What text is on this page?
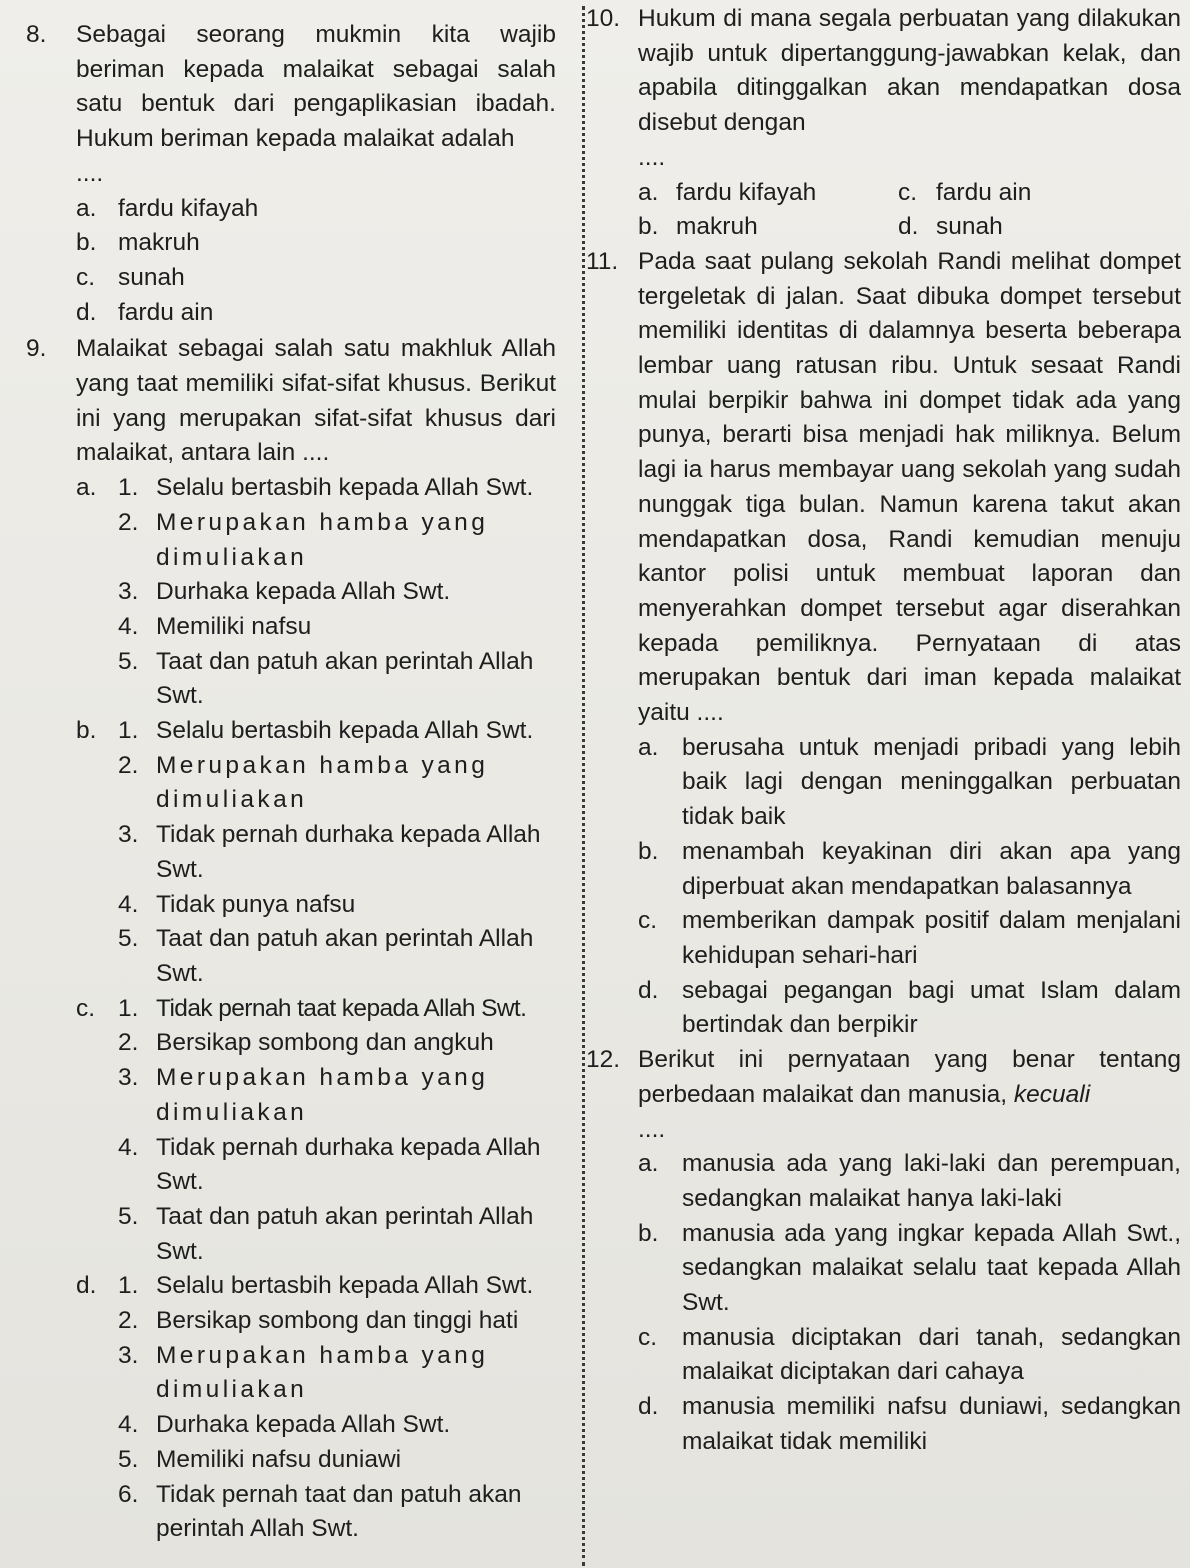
8. Sebagai seorang mukmin kita wajib beriman kepada malaikat sebagai salah satu bentuk dari pengaplikasian ibadah. Hukum beriman kepada malaikat adalah
....
a. fardu kifayah
b. makruh
c. sunah
d. fardu ain
9. Malaikat sebagai salah satu makhluk Allah yang taat memiliki sifat-sifat khusus. Berikut ini yang merupakan sifat-sifat khusus dari malaikat, antara lain ....
a. 1. Selalu bertasbih kepada Allah Swt.
2. Merupakan hamba yang dimuliakan
3. Durhaka kepada Allah Swt.
4. Memiliki nafsu
5. Taat dan patuh akan perintah Allah Swt.
b. 1. Selalu bertasbih kepada Allah Swt.
2. Merupakan hamba yang dimuliakan
3. Tidak pernah durhaka kepada Allah Swt.
4. Tidak punya nafsu
5. Taat dan patuh akan perintah Allah Swt.
c. 1. Tidak pernah taat kepada Allah Swt.
2. Bersikap sombong dan angkuh
3. Merupakan hamba yang dimuliakan
4. Tidak pernah durhaka kepada Allah Swt.
5. Taat dan patuh akan perintah Allah Swt.
d. 1. Selalu bertasbih kepada Allah Swt.
2. Bersikap sombong dan tinggi hati
3. Merupakan hamba yang dimuliakan
4. Durhaka kepada Allah Swt.
5. Memiliki nafsu duniawi
6. Tidak pernah taat dan patuh akan perintah Allah Swt.
10. Hukum di mana segala perbuatan yang dilakukan wajib untuk dipertanggung-jawabkan kelak, dan apabila ditinggalkan akan mendapatkan dosa disebut dengan
....
a. fardu kifayah	c. fardu ain
b. makruh	d. sunah
11. Pada saat pulang sekolah Randi melihat dompet tergeletak di jalan. Saat dibuka dompet tersebut memiliki identitas di dalamnya beserta beberapa lembar uang ratusan ribu. Untuk sesaat Randi mulai berpikir bahwa ini dompet tidak ada yang punya, berarti bisa menjadi hak miliknya. Belum lagi ia harus membayar uang sekolah yang sudah nunggak tiga bulan. Namun karena takut akan mendapatkan dosa, Randi kemudian menuju kantor polisi untuk membuat laporan dan menyerahkan dompet tersebut agar diserahkan kepada pemiliknya. Pernyataan di atas merupakan bentuk dari iman kepada malaikat yaitu ....
a. berusaha untuk menjadi pribadi yang lebih baik lagi dengan meninggalkan perbuatan tidak baik
b. menambah keyakinan diri akan apa yang diperbuat akan mendapatkan balasannya
c. memberikan dampak positif dalam menjalani kehidupan sehari-hari
d. sebagai pegangan bagi umat Islam dalam bertindak dan berpikir
12. Berikut ini pernyataan yang benar tentang perbedaan malaikat dan manusia, kecuali
....
a. manusia ada yang laki-laki dan perempuan, sedangkan malaikat hanya laki-laki
b. manusia ada yang ingkar kepada Allah Swt., sedangkan malaikat selalu taat kepada Allah Swt.
c. manusia diciptakan dari tanah, sedangkan malaikat diciptakan dari cahaya
d. manusia memiliki nafsu duniawi, sedangkan malaikat tidak memiliki
